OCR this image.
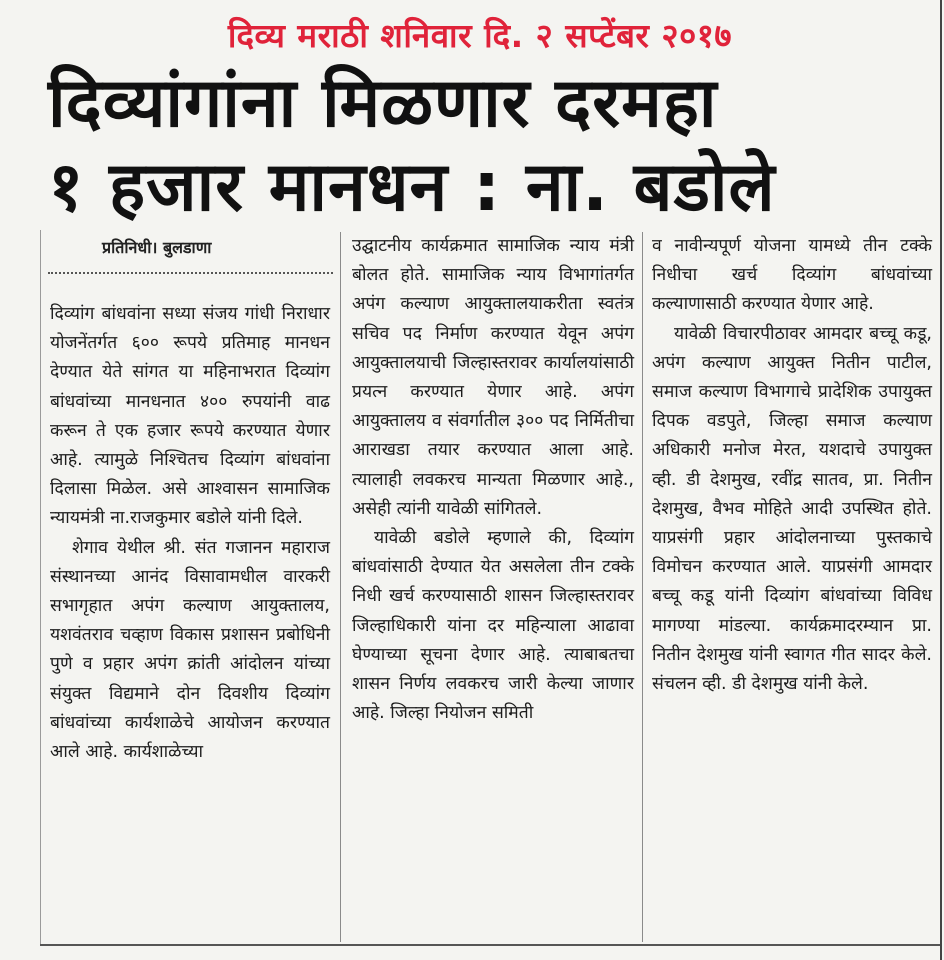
दिव्य मराठी शनिवार दि. २ सप्टेंबर २०१७
दिव्यांगांना मिळणार दरमहा
१ हजार मानधन : ना. बडोले
प्रतिनिधी। बुलडाणा

दिव्यांग बांधवांना सध्या संजय गांधी निराधार योजनेंतर्गत ६०० रूपये प्रतिमाह मानधन देण्यात येते सांगत या महिनाभरात दिव्यांग बांधवांच्या मानधनात ४०० रुपयांनी वाढ करून ते एक हजार रूपये करण्यात येणार आहे. त्यामुळे निश्चितच दिव्यांग बांधवांना दिलासा मिळेल. असे आश्वासन सामाजिक न्यायमंत्री ना.राजकुमार बडोले यांनी दिले.

शेगाव येथील श्री. संत गजानन महाराज संस्थानच्या आनंद विसावामधील वारकरी सभागृहात अपंग कल्याण आयुक्तालय, यशवंतराव चव्हाण विकास प्रशासन प्रबोधिनी पुणे व प्रहार अपंग क्रांती आंदोलन यांच्या संयुक्त विद्यमाने दोन दिवशीय दिव्यांग बांधवांच्या कार्यशाळेचे आयोजन करण्यात आले आहे. कार्यशाळेच्या

उद्घाटनीय कार्यक्रमात सामाजिक न्याय मंत्री बोलत होते. सामाजिक न्याय विभागांतर्गत अपंग कल्याण आयुक्तालयाकरीता स्वतंत्र सचिव पद निर्माण करण्यात येवून अपंग आयुक्तालयाची जिल्हास्तरावर कार्यालयांसाठी प्रयत्न करण्यात येणार आहे. अपंग आयुक्तालय व संवर्गातील ३०० पद निर्मितीचा आराखडा तयार करण्यात आला आहे. त्यालाही लवकरच मान्यता मिळणार आहे., असेही त्यांनी यावेळी सांगितले.

यावेळी बडोले म्हणाले की, दिव्यांग बांधवांसाठी देण्यात येत असलेला तीन टक्के निधी खर्च करण्यासाठी शासन जिल्हास्तरावर जिल्हाधिकारी यांना दर महिन्याला आढावा घेण्याच्या सूचना देणार आहे. त्याबाबतचा शासन निर्णय लवकरच जारी केल्या जाणार आहे. जिल्हा नियोजन समिती

व नावीन्यपूर्ण योजना यामध्ये तीन टक्के निधीचा खर्च दिव्यांग बांधवांच्या कल्याणासाठी करण्यात येणार आहे.

यावेळी विचारपीठावर आमदार बच्चू कडू, अपंग कल्याण आयुक्त नितीन पाटील, समाज कल्याण विभागाचे प्रादेशिक उपायुक्त दिपक वडपुते, जिल्हा समाज कल्याण अधिकारी मनोज मेरत, यशदाचे उपायुक्त व्ही. डी देशमुख, रवींद्र सातव, प्रा. नितीन देशमुख, वैभव मोहिते आदी उपस्थित होते. याप्रसंगी प्रहार आंदोलनाच्या पुस्तकाचे विमोचन करण्यात आले. याप्रसंगी आमदार बच्चू कडू यांनी दिव्यांग बांधवांच्या विविध मागण्या मांडल्या. कार्यक्रमादरम्यान प्रा. नितीन देशमुख यांनी स्वागत गीत सादर केले. संचलन व्ही. डी देशमुख यांनी केले.
